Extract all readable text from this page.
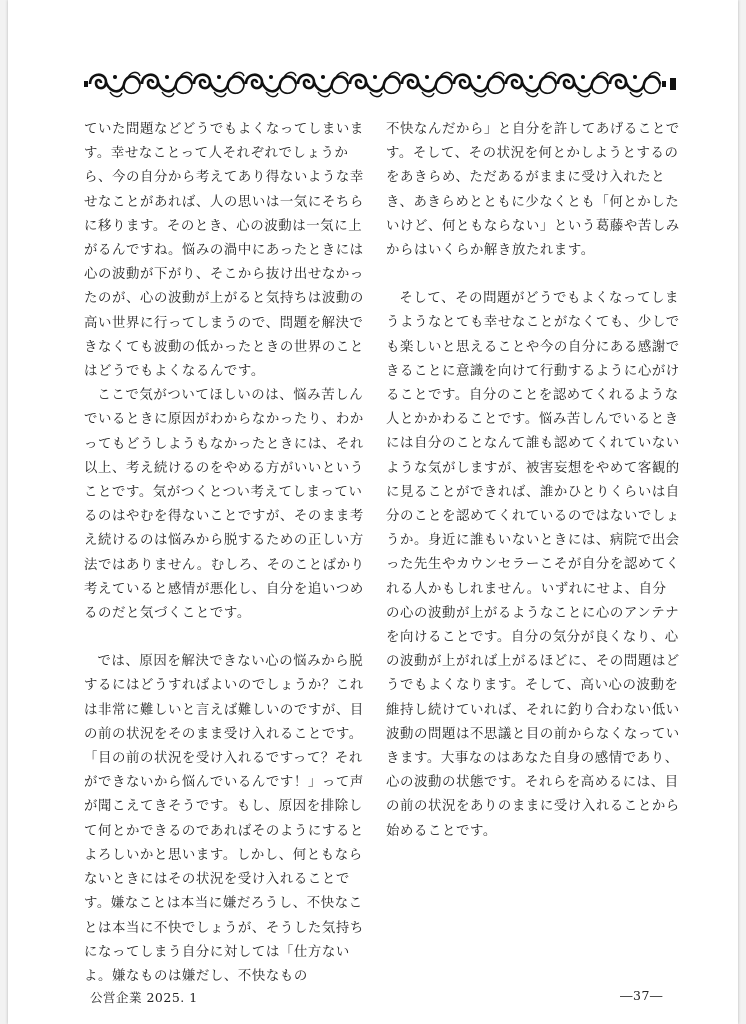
ていた問題などどうでもよくなってしまいます。幸せなことって人それぞれでしょうから、今の自分から考えてあり得ないような幸せなことがあれば、人の思いは一気にそちらに移ります。そのとき、心の波動は一気に上がるんですね。悩みの渦中にあったときには心の波動が下がり、そこから抜け出せなかったのが、心の波動が上がると気持ちは波動の高い世界に行ってしまうので、問題を解決できなくても波動の低かったときの世界のことはどうでもよくなるんです。

ここで気がついてほしいのは、悩み苦しんでいるときに原因がわからなかったり、わかってもどうしようもなかったときには、それ以上、考え続けるのをやめる方がいいということです。気がつくとつい考えてしまっているのはやむを得ないことですが、そのまま考え続けるのは悩みから脱するための正しい方法ではありません。むしろ、そのことばかり考えていると感情が悪化し、自分を追いつめるのだと気づくことです。

では、原因を解決できない心の悩みから脱するにはどうすればよいのでしょうか？これは非常に難しいと言えば難しいのですが、目の前の状況をそのまま受け入れることです。「目の前の状況を受け入れるですって？それができないから悩んでいるんです！」って声が聞こえてきそうです。もし、原因を排除して何とかできるのであればそのようにするとよろしいかと思います。しかし、何ともならないときにはその状況を受け入れることです。嫌なことは本当に嫌だろうし、不快なことは本当に不快でしょうが、そうした気持ちになってしまう自分に対しては「仕方ないよ。嫌なものは嫌だし、不快なもの

不快なんだから」と自分を許してあげることです。そして、その状況を何とかしようとするのをあきらめ、ただあるがままに受け入れたとき、あきらめとともに少なくとも「何とかしたいけど、何ともならない」という葛藤や苦しみからはいくらか解き放たれます。

そして、その問題がどうでもよくなってしまうようなとても幸せなことがなくても、少しでも楽しいと思えることや今の自分にある感謝できることに意識を向けて行動するように心がけることです。自分のことを認めてくれるような人とかかわることです。悩み苦しんでいるときには自分のことなんて誰も認めてくれていないような気がしますが、被害妄想をやめて客観的に見ることができれば、誰かひとりくらいは自分のことを認めてくれているのではないでしょうか。身近に誰もいないときには、病院で出会った先生やカウンセラーこそが自分を認めてくれる人かもしれません。いずれにせよ、自分の心の波動が上がるようなことに心のアンテナを向けることです。自分の気分が良くなり、心の波動が上がれば上がるほどに、その問題はどうでもよくなります。そして、高い心の波動を維持し続けていれば、それに釣り合わない低い波動の問題は不思議と目の前からなくなっていきます。大事なのはあなた自身の感情であり、心の波動の状態です。それらを高めるには、目の前の状況をありのままに受け入れることから始めることです。

公営企業 2025. 1	―37―
